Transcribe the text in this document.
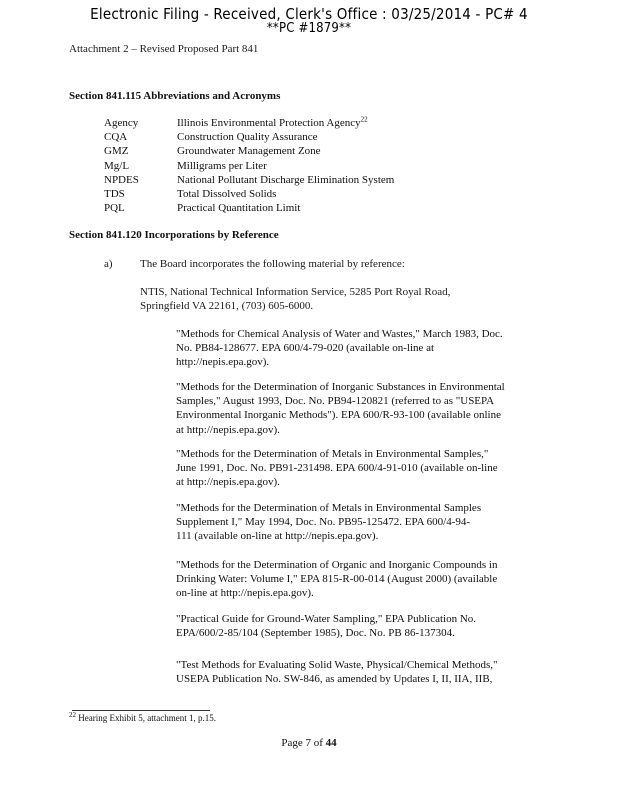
Electronic Filing - Received, Clerk's Office : 03/25/2014 - PC# 4
**PC #1879**
Attachment 2 – Revised Proposed Part 841
Section 841.115 Abbreviations and Acronyms
Agency	Illinois Environmental Protection Agency$^{22}$
CQA	Construction Quality Assurance
GMZ	Groundwater Management Zone
Mg/L	Milligrams per Liter
NPDES	National Pollutant Discharge Elimination System
TDS	Total Dissolved Solids
PQL	Practical Quantitation Limit
Section 841.120 Incorporations by Reference
a) The Board incorporates the following material by reference:
NTIS, National Technical Information Service, 5285 Port Royal Road,
Springfield VA 22161, (703) 605-6000.
"Methods for Chemical Analysis of Water and Wastes," March 1983, Doc.
No. PB84-128677. EPA 600/4-79-020 (available on-line at
http://nepis.epa.gov).
"Methods for the Determination of Inorganic Substances in Environmental
Samples," August 1993, Doc. No. PB94-120821 (referred to as "USEPA
Environmental Inorganic Methods"). EPA 600/R-93-100 (available online
at http://nepis.epa.gov).
"Methods for the Determination of Metals in Environmental Samples,"
June 1991, Doc. No. PB91-231498. EPA 600/4-91-010 (available on-line
at http://nepis.epa.gov).
"Methods for the Determination of Metals in Environmental Samples
Supplement I," May 1994, Doc. No. PB95-125472. EPA 600/4-94-
111 (available on-line at http://nepis.epa.gov).
"Methods for the Determination of Organic and Inorganic Compounds in
Drinking Water: Volume I," EPA 815-R-00-014 (August 2000) (available
on-line at http://nepis.epa.gov).
"Practical Guide for Ground-Water Sampling," EPA Publication No.
EPA/600/2-85/104 (September 1985), Doc. No. PB 86-137304.
"Test Methods for Evaluating Solid Waste, Physical/Chemical Methods,"
USEPA Publication No. SW-846, as amended by Updates I, II, IIA, IIB,
$^{22}$ Hearing Exhibit 5, attachment 1, p.15.
Page 7 of 44
